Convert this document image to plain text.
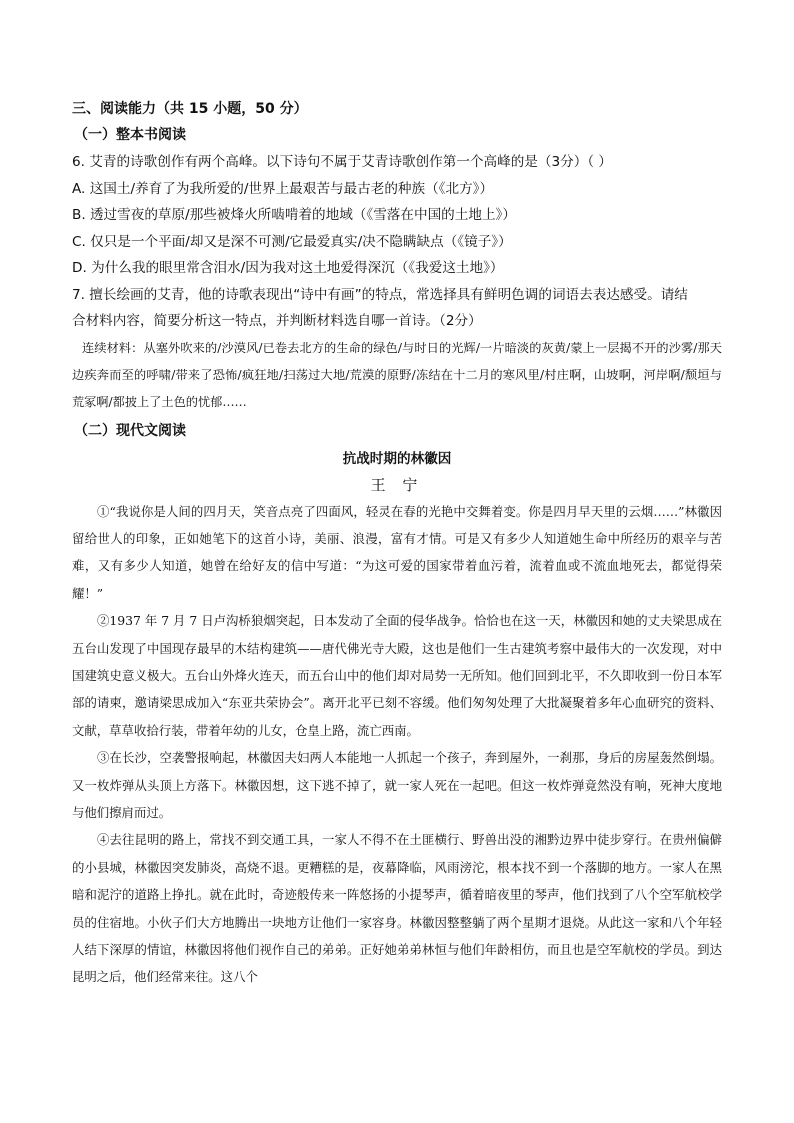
三、阅读能力（共 15 小题，50 分）
（一）整本书阅读
6. 艾青的诗歌创作有两个高峰。以下诗句不属于艾青诗歌创作第一个高峰的是（3分）（ ）
A. 这国土/养育了为我所爱的/世界上最艰苦与最古老的种族（《北方》）
B. 透过雪夜的草原/那些被烽火所啮啃着的地域（《雪落在中国的土地上》）
C. 仅只是一个平面/却又是深不可测/它最爱真实/决不隐瞒缺点（《镜子》）
D. 为什么我的眼里常含泪水/因为我对这土地爱得深沉（《我爱这土地》）
7. 擅长绘画的艾青，他的诗歌表现出“诗中有画”的特点，常选择具有鲜明色调的词语去表达感受。请结
合材料内容，简要分析这一特点，并判断材料选自哪一首诗。（2分）

连续材料：从塞外吹来的/沙漠风/已卷去北方的生命的绿色/与时日的光辉/一片暗淡的灰黄/蒙上一层揭不开的沙雾/那天边疾奔而至的呼啸/带来了恐怖/疯狂地/扫荡过大地/荒漠的原野/冻结在十二月的寒风里/村庄啊，山坡啊，河岸啊/颓垣与荒冢啊/都披上了土色的忧郁……

（二）现代文阅读
抗战时期的林徽因
王 宁

①“我说你是人间的四月天，笑音点亮了四面风，轻灵在春的光艳中交舞着变。你是四月早天里的云烟……”林徽因留给世人的印象，正如她笔下的这首小诗，美丽、浪漫，富有才情。可是又有多少人知道她生命中所经历的艰辛与苦难，又有多少人知道，她曾在给好友的信中写道：“为这可爱的国家带着血污着，流着血或不流血地死去，都觉得荣耀！”

②1937 年 7 月 7 日卢沟桥狼烟突起，日本发动了全面的侵华战争。恰恰也在这一天，林徽因和她的丈夫梁思成在五台山发现了中国现存最早的木结构建筑——唐代佛光寺大殿，这也是他们一生古建筑考察中最伟大的一次发现，对中国建筑史意义极大。五台山外烽火连天，而五台山中的他们却对局势一无所知。他们回到北平，不久即收到一份日本军部的请柬，邀请梁思成加入“东亚共荣协会”。离开北平已刻不容缓。他们匆匆处理了大批凝聚着多年心血研究的资料、文献，草草收拾行装，带着年幼的儿女，仓皇上路，流亡西南。

③在长沙，空袭警报响起，林徽因夫妇两人本能地一人抓起一个孩子，奔到屋外，一刹那，身后的房屋轰然倒塌。又一枚炸弹从头顶上方落下。林徽因想，这下逃不掉了，就一家人死在一起吧。但这一枚炸弹竟然没有响，死神大度地与他们擦肩而过。

④去往昆明的路上，常找不到交通工具，一家人不得不在土匪横行、野兽出没的湘黔边界中徒步穿行。在贵州偏僻的小县城，林徽因突发肺炎，高烧不退。更糟糕的是，夜幕降临，风雨滂沱，根本找不到一个落脚的地方。一家人在黑暗和泥泞的道路上挣扎。就在此时，奇迹般传来一阵悠扬的小提琴声，循着暗夜里的琴声，他们找到了八个空军航校学员的住宿地。小伙子们大方地腾出一块地方让他们一家容身。林徽因整整躺了两个星期才退烧。从此这一家和八个年轻人结下深厚的情谊，林徽因将他们视作自己的弟弟。正好她弟弟林恒与他们年龄相仿，而且也是空军航校的学员。到达昆明之后，他们经常来往。这八个
